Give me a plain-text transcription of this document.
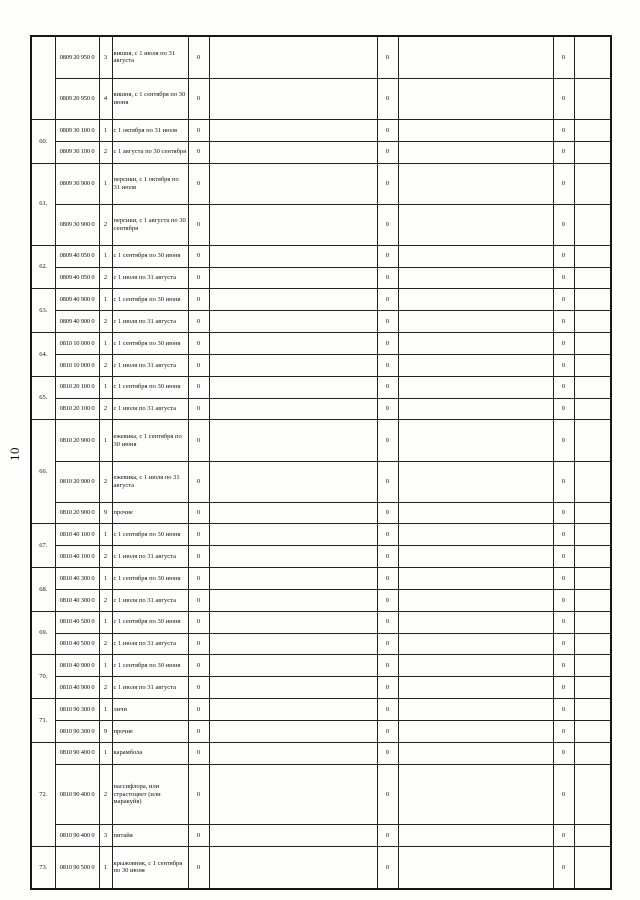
10
	0809 20 950 0	3	вишня, с 1 июля по 31 августа	0		0		0	
	0809 20 950 0	4	вишня, с 1 сентября по 30 июня	0		0		0	
60.	0809 30 100 0	1	с 1 октября по 31 июля	0		0		0	
	0809 30 100 0	2	с 1 августа по 30 сентября	0		0		0	
61.	0809 30 900 0	1	персики, с 1 октября по 31 июля	0		0		0	
	0809 30 900 0	2	персики, с 1 августа по 30 сентября	0		0		0	
62.	0809 40 050 0	1	с 1 сентября по 30 июня	0		0		0	
	0809 40 050 0	2	с 1 июля по 31 августа	0		0		0	
63.	0809 40 900 0	1	с 1 сентября по 30 июня	0		0		0	
	0809 40 900 0	2	с 1 июля по 31 августа	0		0		0	
64.	0810 10 000 0	1	с 1 сентября по 30 июня	0		0		0	
	0810 10 000 0	2	с 1 июля по 31 августа	0		0		0	
65.	0810 20 100 0	1	с 1 сентября по 30 июня	0		0		0	
	0810 20 100 0	2	с 1 июля по 31 августа	0		0		0	
66.	0810 20 900 0	1	ежевика, с 1 сентября по 30 июня	0		0		0	
	0810 20 900 0	2	ежевика, с 1 июля по 31 августа	0		0		0	
	0810 20 900 0	9	прочие	0		0		0	
67.	0810 40 100 0	1	с 1 сентября по 30 июня	0		0		0	
	0810 40 100 0	2	с 1 июля по 31 августа	0		0		0	
68.	0810 40 300 0	1	с 1 сентября по 30 июня	0		0		0	
	0810 40 300 0	2	с 1 июля по 31 августа	0		0		0	
69.	0810 40 500 0	1	с 1 сентября по 30 июня	0		0		0	
	0810 40 500 0	2	с 1 июля по 31 августа	0		0		0	
70.	0810 40 900 0	1	с 1 сентября по 30 июня	0		0		0	
	0810 40 900 0	2	с 1 июля по 31 августа	0		0		0	
71.	0810 90 300 0	1	личи	0		0		0	
	0810 90 300 0	9	прочие	0		0		0	
72.	0810 90 400 0	1	карамбола	0		0		0	
	0810 90 400 0	2	пассифлора, или страстоцвет (или маракуйя)	0		0		0	
	0810 90 400 0	3	питайя	0		0		0	
73.	0810 90 500 0	1	крыжовник, с 1 сентября по 30 июня	0		0		0	
